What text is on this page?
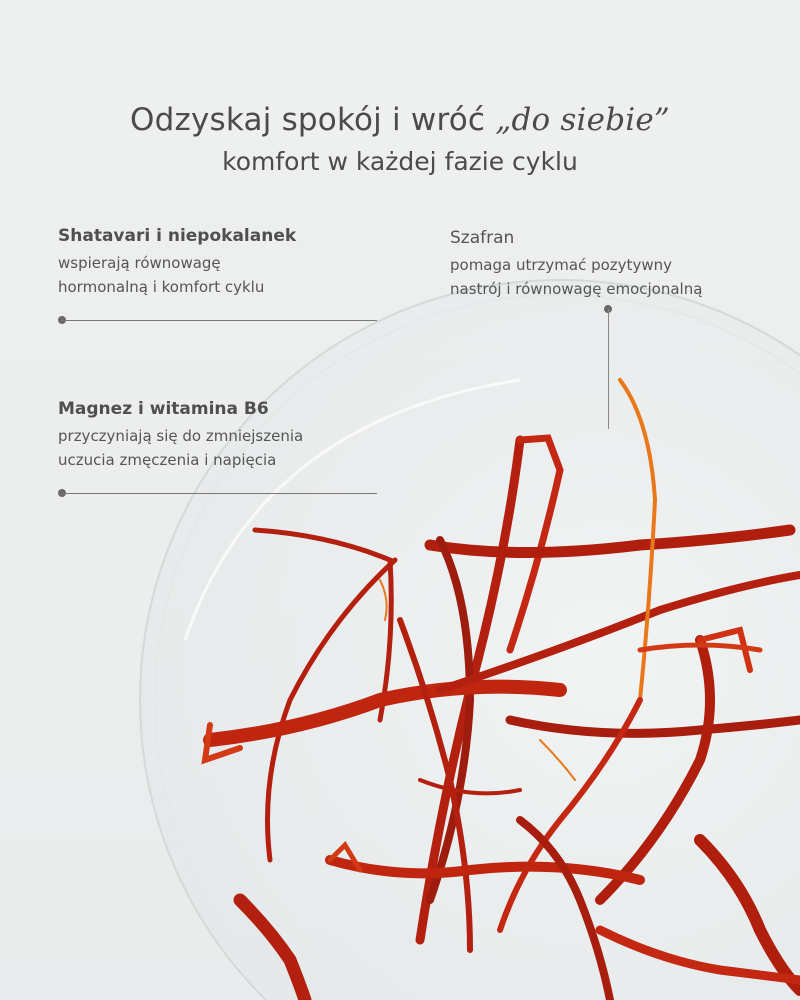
Odzyskaj spokój i wróć „do siebie”
komfort w każdej fazie cyklu
Shatavari i niepokalanek
wspierają równowagę
hormonalną i komfort cyklu
Szafran
pomaga utrzymać pozytywny
nastrój i równowagę emocjonalną
Magnez i witamina B6
przyczyniają się do zmniejszenia
uczucia zmęczenia i napięcia
